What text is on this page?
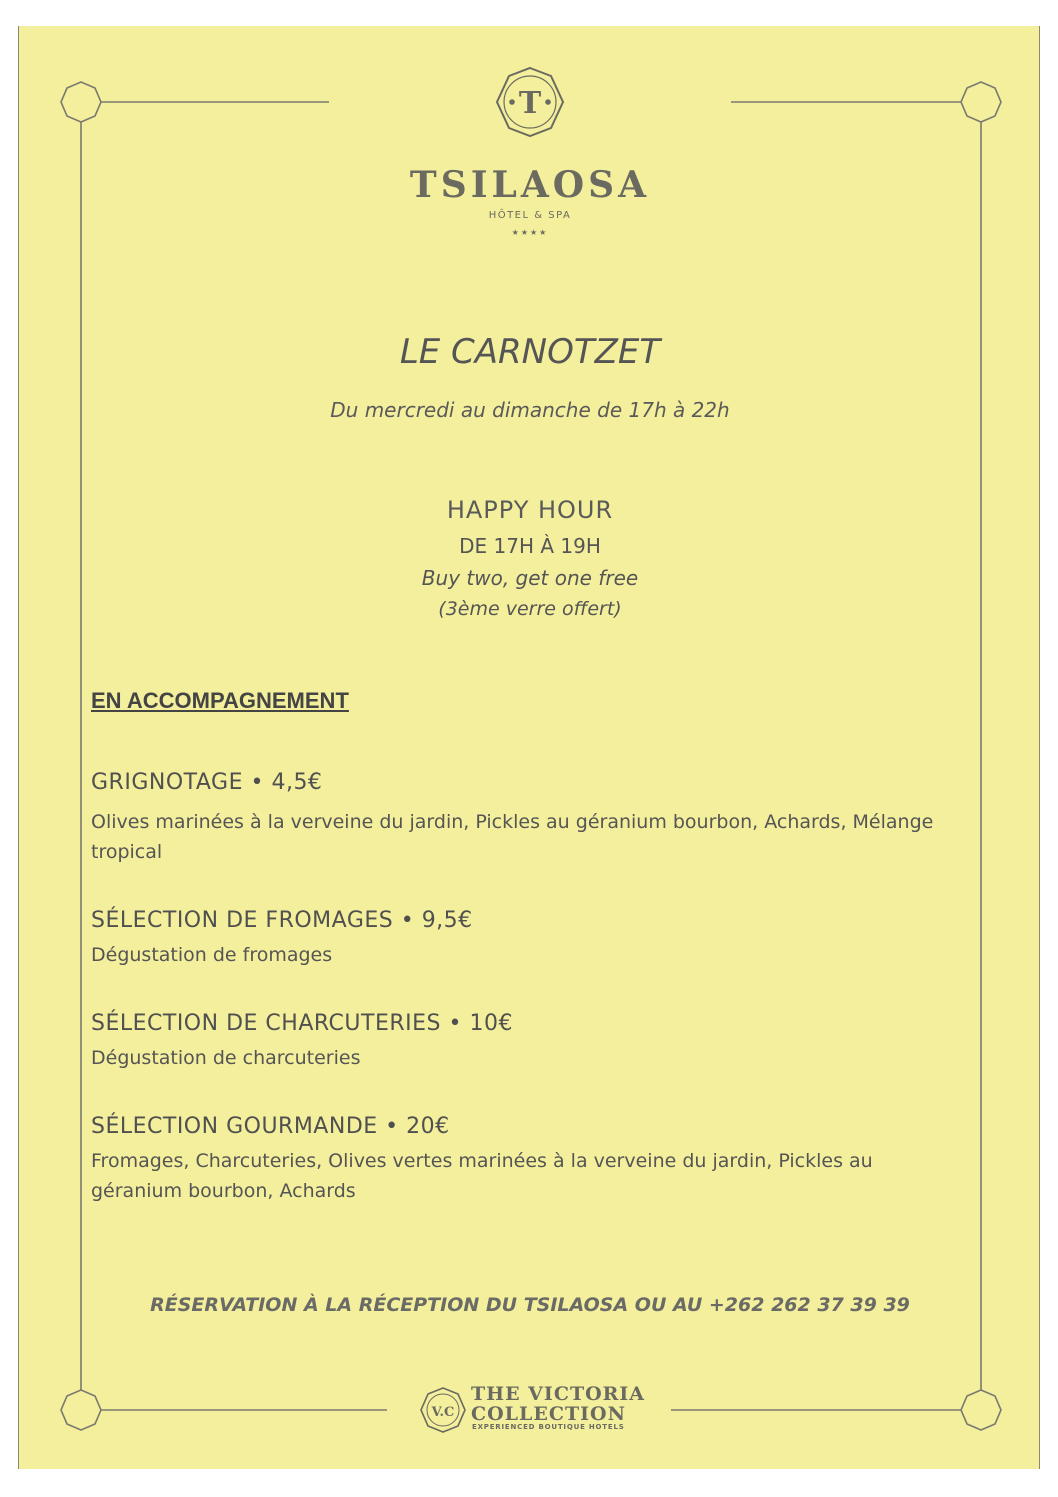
T
V.C
TSILAOSA
HÔTEL & SPA
★★★★
LE CARNOTZET
Du mercredi au dimanche de 17h à 22h
HAPPY HOUR
DE 17H À 19H
Buy two, get one free
(3ème verre offert)
EN ACCOMPAGNEMENT
GRIGNOTAGE • 4,5€
Olives marinées à la verveine du jardin, Pickles au géranium bourbon, Achards, Mélange tropical
SÉLECTION DE FROMAGES • 9,5€
Dégustation de fromages
SÉLECTION DE CHARCUTERIES • 10€
Dégustation de charcuteries
SÉLECTION GOURMANDE • 20€
Fromages, Charcuteries, Olives vertes marinées à la verveine du jardin, Pickles au géranium bourbon, Achards
RÉSERVATION À LA RÉCEPTION DU TSILAOSA OU AU +262 262 37 39 39
THE VICTORIA
COLLECTION
EXPERIENCED BOUTIQUE HOTELS
